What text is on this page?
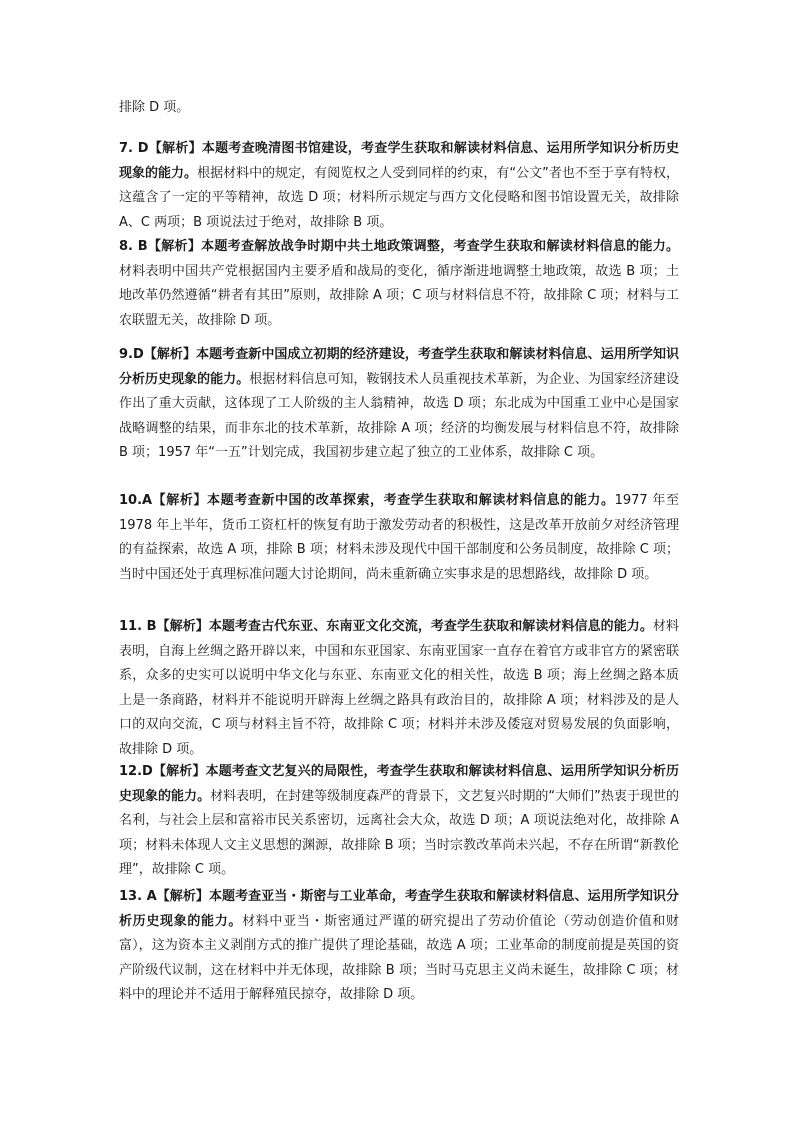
排除 D 项。

7. D【解析】本题考查晚清图书馆建设，考查学生获取和解读材料信息、运用所学知识分析历史现象的能力。根据材料中的规定，有阅览权之人受到同样的约束，有“公文”者也不至于享有特权，这蕴含了一定的平等精神，故选 D 项；材料所示规定与西方文化侵略和图书馆设置无关，故排除 A、C 两项；B 项说法过于绝对，故排除 B 项。

8. B【解析】本题考查解放战争时期中共土地政策调整，考查学生获取和解读材料信息的能力。材料表明中国共产党根据国内主要矛盾和战局的变化，循序渐进地调整土地政策，故选 B 项；土地改革仍然遵循“耕者有其田”原则，故排除 A 项；C 项与材料信息不符，故排除 C 项；材料与工农联盟无关，故排除 D 项。

9.D【解析】本题考查新中国成立初期的经济建设，考查学生获取和解读材料信息、运用所学知识分析历史现象的能力。根据材料信息可知，鞍钢技术人员重视技术革新，为企业、为国家经济建设作出了重大贡献，这体现了工人阶级的主人翁精神，故选 D 项；东北成为中国重工业中心是国家战略调整的结果，而非东北的技术革新，故排除 A 项；经济的均衡发展与材料信息不符，故排除 B 项；1957 年“一五”计划完成，我国初步建立起了独立的工业体系，故排除 C 项。

10.A【解析】本题考查新中国的改革探索，考查学生获取和解读材料信息的能力。1977 年至 1978 年上半年，货币工资杠杆的恢复有助于激发劳动者的积极性，这是改革开放前夕对经济管理的有益探索，故选 A 项，排除 B 项；材料未涉及现代中国干部制度和公务员制度，故排除 C 项；当时中国还处于真理标准问题大讨论期间，尚未重新确立实事求是的思想路线，故排除 D 项。

11. B【解析】本题考查古代东亚、东南亚文化交流，考查学生获取和解读材料信息的能力。材料表明，自海上丝绸之路开辟以来，中国和东亚国家、东南亚国家一直存在着官方或非官方的紧密联系，众多的史实可以说明中华文化与东亚、东南亚文化的相关性，故选 B 项；海上丝绸之路本质上是一条商路，材料并不能说明开辟海上丝绸之路具有政治目的，故排除 A 项；材料涉及的是人口的双向交流，C 项与材料主旨不符，故排除 C 项；材料并未涉及倭寇对贸易发展的负面影响，故排除 D 项。

12.D【解析】本题考查文艺复兴的局限性，考查学生获取和解读材料信息、运用所学知识分析历史现象的能力。材料表明，在封建等级制度森严的背景下，文艺复兴时期的“大师们”热衷于现世的名利，与社会上层和富裕市民关系密切，远离社会大众，故选 D 项；A 项说法绝对化，故排除 A 项；材料未体现人文主义思想的渊源，故排除 B 项；当时宗教改革尚未兴起，不存在所谓“新教伦理”，故排除 C 项。

13. A【解析】本题考查亚当・斯密与工业革命，考查学生获取和解读材料信息、运用所学知识分析历史现象的能力。材料中亚当・斯密通过严谨的研究提出了劳动价值论（劳动创造价值和财富），这为资本主义剥削方式的推广提供了理论基础，故选 A 项；工业革命的制度前提是英国的资产阶级代议制，这在材料中并无体现，故排除 B 项；当时马克思主义尚未诞生，故排除 C 项；材料中的理论并不适用于解释殖民掠夺，故排除 D 项。
